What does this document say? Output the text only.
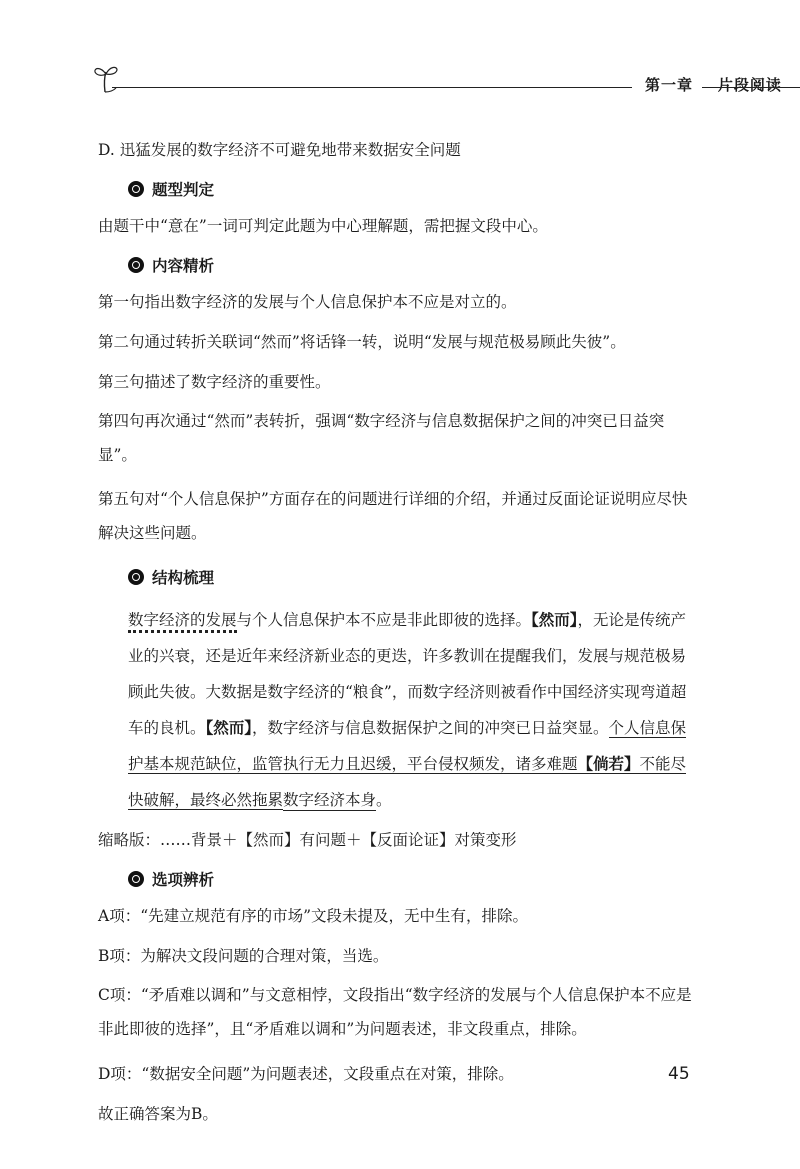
第一章 片段阅读

D. 迅猛发展的数字经济不可避免地带来数据安全问题

题型判定

由题干中“意在”一词可判定此题为中心理解题，需把握文段中心。

内容精析

第一句指出数字经济的发展与个人信息保护本不应是对立的。

第二句通过转折关联词“然而”将话锋一转，说明“发展与规范极易顾此失彼”。

第三句描述了数字经济的重要性。

第四句再次通过“然而”表转折，强调“数字经济与信息数据保护之间的冲突已日益突显”。

第五句对“个人信息保护”方面存在的问题进行详细的介绍，并通过反面论证说明应尽快解决这些问题。

结构梳理

数字经济的发展与个人信息保护本不应是非此即彼的选择。【然而】，无论是传统产业的兴衰，还是近年来经济新业态的更迭，许多教训在提醒我们，发展与规范极易顾此失彼。大数据是数字经济的“粮食”，而数字经济则被看作中国经济实现弯道超车的良机。【然而】，数字经济与信息数据保护之间的冲突已日益突显。个人信息保护基本规范缺位，监管执行无力且迟缓，平台侵权频发，诸多难题【倘若】不能尽快破解，最终必然拖累数字经济本身。

缩略版：……背景＋【然而】有问题＋【反面论证】对策变形

选项辨析

A项：“先建立规范有序的市场”文段未提及，无中生有，排除。

B项：为解决文段问题的合理对策，当选。

C项：“矛盾难以调和”与文意相悖，文段指出“数字经济的发展与个人信息保护本不应是非此即彼的选择”，且“矛盾难以调和”为问题表述，非文段重点，排除。

D项：“数据安全问题”为问题表述，文段重点在对策，排除。

故正确答案为B。

45
